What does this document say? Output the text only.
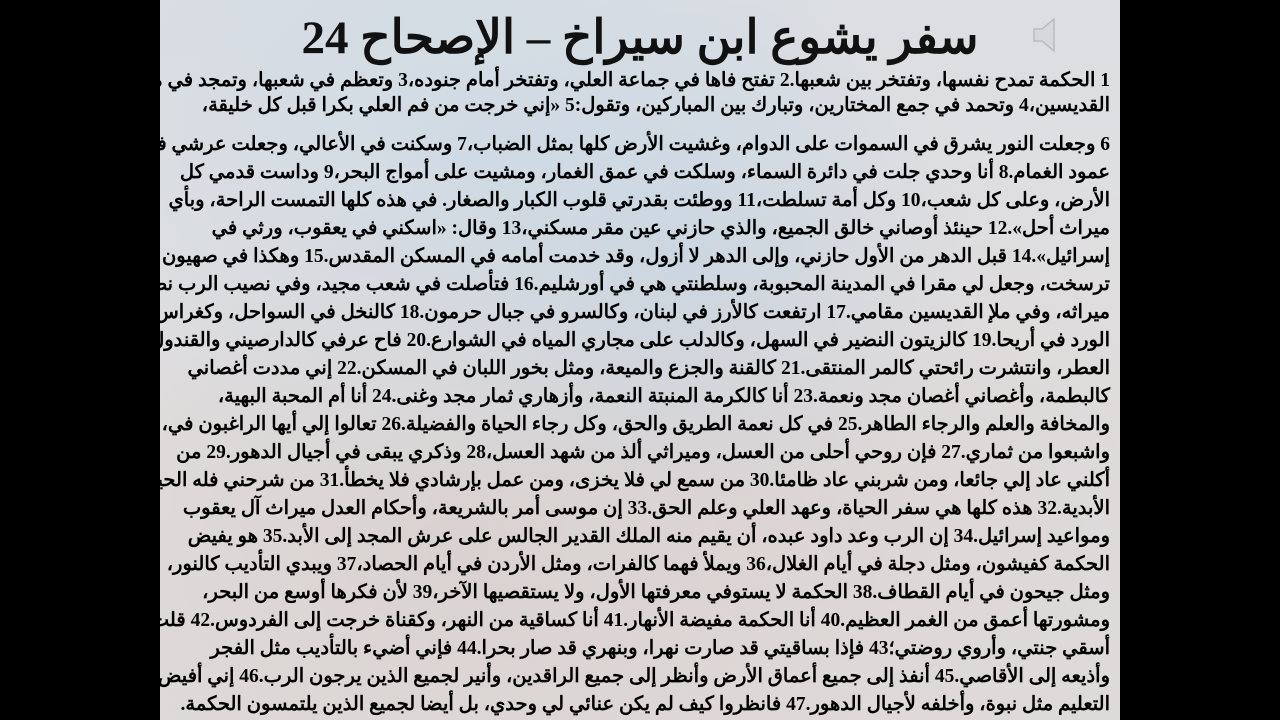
سفر يشوع ابن سيراخ – الإصحاح 24
1 الحكمة تمدح نفسها، وتفتخر بين شعبها.2 تفتح فاها في جماعة العلي، وتفتخر أمام جنوده،3 وتعظم في شعبها، وتمجد في ملإ
القديسين،4 وتحمد في جمع المختارين، وتبارك بين المباركين، وتقول:5 «إني خرجت من فم العلي بكرا قبل كل خليقة،
6 وجعلت النور يشرق في السموات على الدوام، وغشيت الأرض كلها بمثل الضباب،7 وسكنت في الأعالي، وجعلت عرشي في
عمود الغمام.8 أنا وحدي جلت في دائرة السماء، وسلكت في عمق الغمار، ومشيت على أمواج البحر،9 وداست قدمي كل
الأرض، وعلى كل شعب،10 وكل أمة تسلطت،11 ووطئت بقدرتي قلوب الكبار والصغار. في هذه كلها التمست الراحة، وبأي
ميراث أحل».12 حينئذ أوصاني خالق الجميع، والذي حازني عين مقر مسكني،13 وقال: «اسكني في يعقوب، ورثي في
إسرائيل».14 قبل الدهر من الأول حازني، وإلى الدهر لا أزول، وقد خدمت أمامه في المسكن المقدس.15 وهكذا في صهيون
ترسخت، وجعل لي مقرا في المدينة المحبوبة، وسلطنتي هي في أورشليم.16 فتأصلت في شعب مجيد، وفي نصيب الرب نصيب
ميراثه، وفي ملإ القديسين مقامي.17 ارتفعت كالأرز في لبنان، وكالسرو في جبال حرمون.18 كالنخل في السواحل، وكغراس
الورد في أريحا.19 كالزيتون النضير في السهل، وكالدلب على مجاري المياه في الشوارع.20 فاح عرفي كالدارصيني والقندول
العطر، وانتشرت رائحتي كالمر المنتقى.21 كالقنة والجزع والميعة، ومثل بخور اللبان في المسكن.22 إني مددت أغصاني
كالبطمة، وأغصاني أغصان مجد ونعمة.23 أنا كالكرمة المنبتة النعمة، وأزهاري ثمار مجد وغنى.24 أنا أم المحبة البهية،
والمخافة والعلم والرجاء الطاهر.25 في كل نعمة الطريق والحق، وكل رجاء الحياة والفضيلة.26 تعالوا إلي أيها الراغبون في،
واشبعوا من ثماري.27 فإن روحي أحلى من العسل، وميراثي ألذ من شهد العسل،28 وذكري يبقى في أجيال الدهور.29 من
أكلني عاد إلي جائعا، ومن شربني عاد ظامئا.30 من سمع لي فلا يخزى، ومن عمل بإرشادي فلا يخطأ.31 من شرحني فله الحياة
الأبدية.32 هذه كلها هي سفر الحياة، وعهد العلي وعلم الحق.33 إن موسى أمر بالشريعة، وأحكام العدل ميراث آل يعقوب
ومواعيد إسرائيل.34 إن الرب وعد داود عبده، أن يقيم منه الملك القدير الجالس على عرش المجد إلى الأبد.35 هو يفيض
الحكمة كفيشون، ومثل دجلة في أيام الغلال،36 ويملأ فهما كالفرات، ومثل الأردن في أيام الحصاد،37 ويبدي التأديب كالنور،
ومثل جيحون في أيام القطاف.38 الحكمة لا يستوفي معرفتها الأول، ولا يستقصيها الآخر،39 لأن فكرها أوسع من البحر،
ومشورتها أعمق من الغمر العظيم.40 أنا الحكمة مفيضة الأنهار.41 أنا كساقية من النهر، وكقناة خرجت إلى الفردوس.42 قلت
أسقي جنتي، وأروي روضتي؛43 فإذا بساقيتي قد صارت نهرا، وبنهري قد صار بحرا.44 فإني أضيء بالتأديب مثل الفجر
وأذيعه إلى الأقاصي.45 أنفذ إلى جميع أعماق الأرض وأنظر إلى جميع الراقدين، وأنير لجميع الذين يرجون الرب.46 إني أفيض
التعليم مثل نبوة، وأخلفه لأجيال الدهور.47 فانظروا كيف لم يكن عنائي لي وحدي، بل أيضا لجميع الذين يلتمسون الحكمة.
